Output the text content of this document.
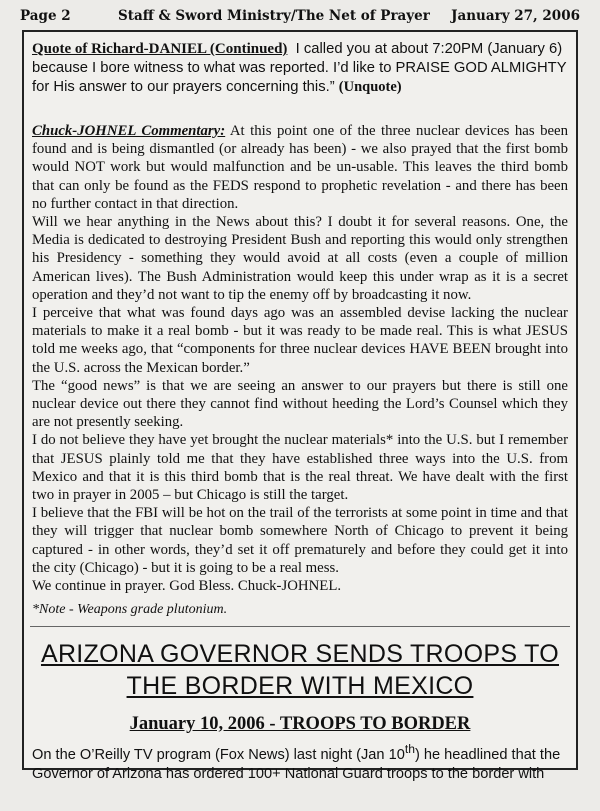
Page 2	Staff & Sword Ministry/The Net of Prayer January 27, 2006
Quote of Richard-DANIEL (Continued) I called you at about 7:20PM (January 6) because I bore witness to what was reported. I’d like to PRAISE GOD ALMIGHTY for His answer to our prayers concerning this.” (Unquote)

Chuck-JOHNEL Commentary: At this point one of the three nuclear devices has been found and is being dismantled (or already has been) - we also prayed that the first bomb would NOT work but would malfunction and be un-usable. This leaves the third bomb that can only be found as the FEDS respond to prophetic revelation - and there has been no further contact in that direction.

Will we hear anything in the News about this? I doubt it for several reasons. One, the Media is dedicated to destroying President Bush and reporting this would only strengthen his Presidency - something they would avoid at all costs (even a couple of million American lives). The Bush Administration would keep this under wrap as it is a secret operation and they’d not want to tip the enemy off by broadcasting it now.

I perceive that what was found days ago was an assembled devise lacking the nuclear materials to make it a real bomb - but it was ready to be made real. This is what JESUS told me weeks ago, that “components for three nuclear devices HAVE BEEN brought into the U.S. across the Mexican border.”

The “good news” is that we are seeing an answer to our prayers but there is still one nuclear device out there they cannot find without heeding the Lord’s Counsel which they are not presently seeking.

I do not believe they have yet brought the nuclear materials* into the U.S. but I remember that JESUS plainly told me that they have established three ways into the U.S. from Mexico and that it is this third bomb that is the real threat. We have dealt with the first two in prayer in 2005 – but Chicago is still the target.

I believe that the FBI will be hot on the trail of the terrorists at some point in time and that they will trigger that nuclear bomb somewhere North of Chicago to prevent it being captured - in other words, they’d set it off prematurely and before they could get it into the city (Chicago) - but it is going to be a real mess.

We continue in prayer. God Bless. Chuck-JOHNEL.

*Note - Weapons grade plutonium.
ARIZONA GOVERNOR SENDS TROOPS TO
THE BORDER WITH MEXICO
January 10, 2006 - TROOPS TO BORDER
On the O’Reilly TV program (Fox News) last night (Jan 10th) he headlined that the Governor of Arizona has ordered 100+ National Guard troops to the border with
